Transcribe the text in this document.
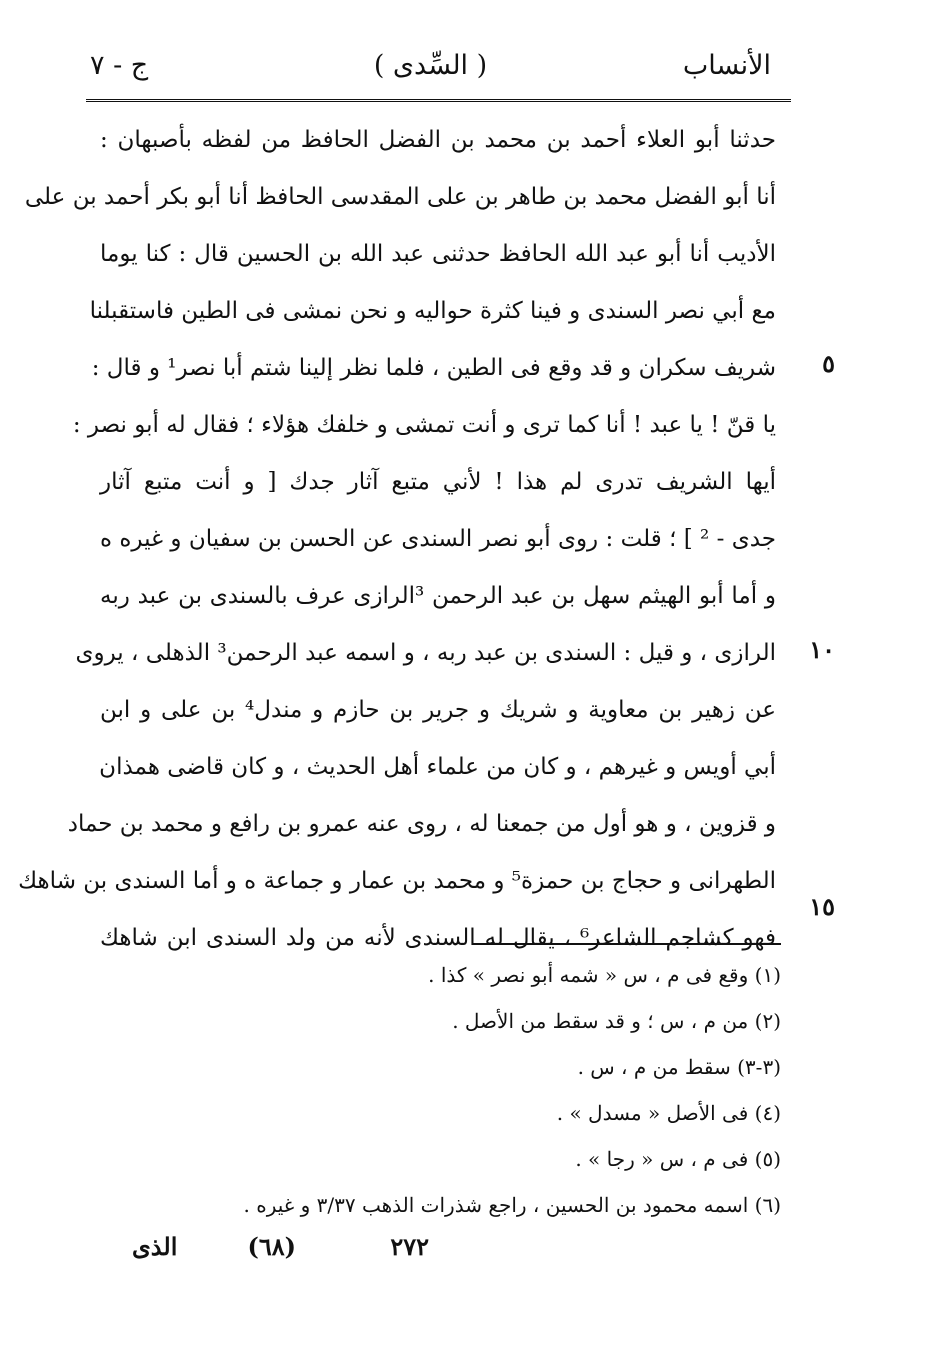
الأنساب
( السِّدى )
ج - ٧
حدثنا أبو العلاء أحمد بن محمد بن الفضل الحافظ من لفظه بأصبهان :
أنا أبو الفضل محمد بن طاهر بن على المقدسى الحافظ أنا أبو بكر أحمد بن على
الأديب أنا أبو عبد الله الحافظ حدثنى عبد الله بن الحسين قال : كنا يوما
مع أبي نصر السندى و فينا كثرة حواليه و نحن نمشى فى الطين فاستقبلنا
شريف سكران و قد وقع فى الطين ، فلما نظر إلينا شتم أبا نصر¹ و قال :
يا قنّ ! يا عبد ! أنا كما ترى و أنت تمشى و خلفك هؤلاء ؛ فقال له أبو نصر :
أيها الشريف تدرى لم هذا ! لأني متبع آثار جدك [ و أنت متبع آثار
جدى - ² ] ؛ قلت : روى أبو نصر السندى عن الحسن بن سفيان و غيره ه
و أما أبو الهيثم سهل بن عبد الرحمن ³الرازى عرف بالسندى بن عبد ربه
الرازى ، و قيل : السندى بن عبد ربه ، و اسمه عبد الرحمن³ الذهلى ، يروى
عن زهير بن معاوية و شريك و جرير بن حازم و مندل⁴ بن على و ابن
أبي أويس و غيرهم ، و كان من علماء أهل الحديث ، و كان قاضى همذان
و قزوين ، و هو أول من جمعنا له ، روى عنه عمرو بن رافع و محمد بن حماد
الطهرانى و حجاج بن حمزة⁵ و محمد بن عمار و جماعة ه و أما السندى بن شاهك
فهو كشاجم الشاعر⁶ ، يقال له السندى لأنه من ولد السندى ابن شاهك
٥
١٠
١٥
(١) وقع فى م ، س « شمه أبو نصر » كذا .
(٢) من م ، س ؛ و قد سقط من الأصل .
(٣-٣) سقط من م ، س .
(٤) فى الأصل « مسدل » .
(٥) فى م ، س « رجا » .
(٦) اسمه محمود بن الحسين ، راجع شذرات الذهب ٣/٣٧ و غيره .
٢٧٢
(٦٨)
الذى
